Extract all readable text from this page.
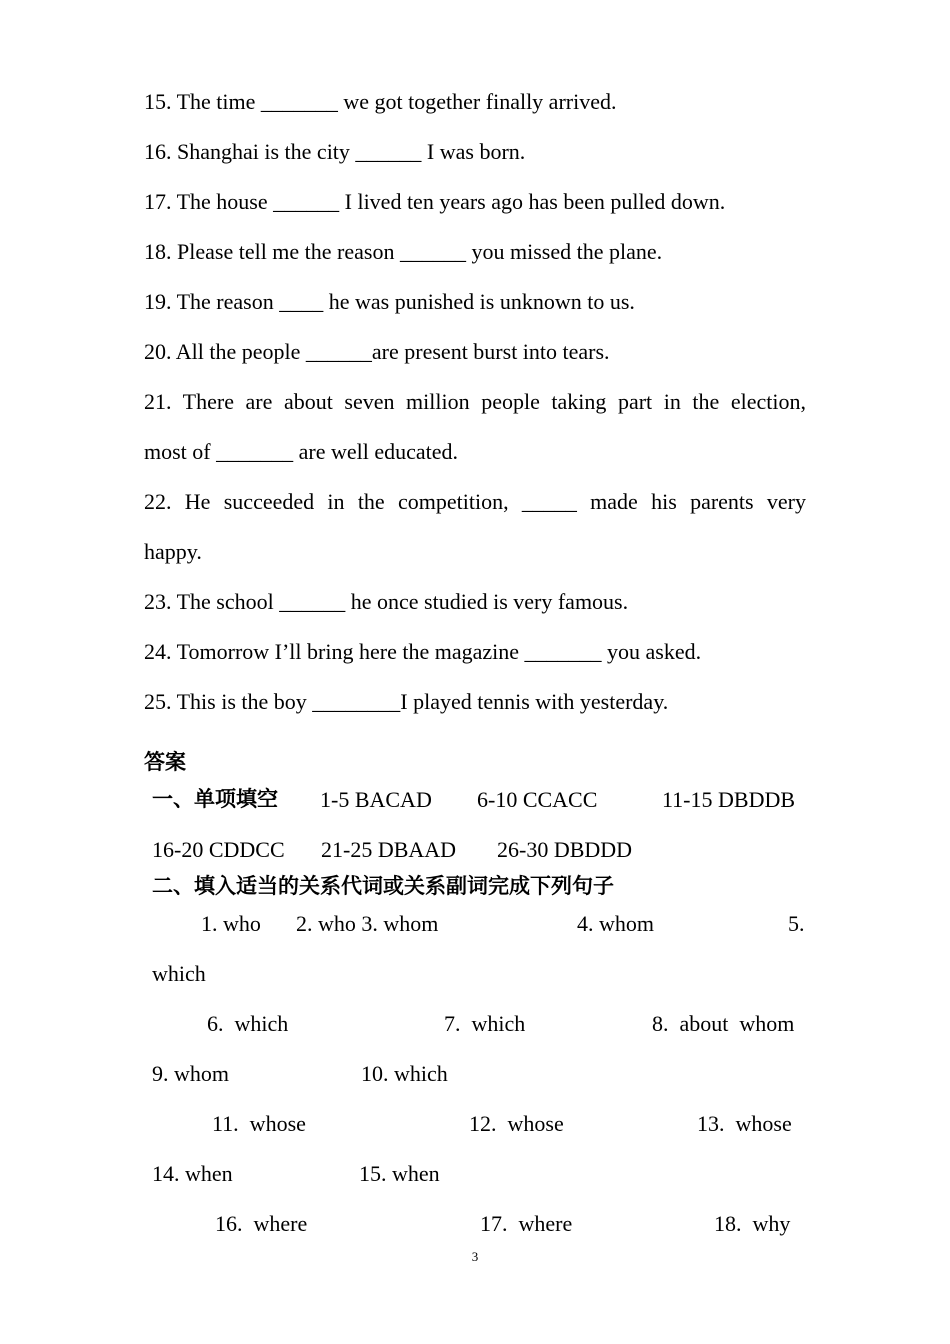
15. The time _______ we got together finally arrived.
16. Shanghai is the city ______ I was born.
17. The house ______ I lived ten years ago has been pulled down.
18. Please tell me the reason ______ you missed the plane.
19. The reason ____ he was punished is unknown to us.
20. All the people ______are present burst into tears.
21. There are about seven million people taking part in the election,
most of _______ are well educated.
22. He succeeded in the competition, _____ made his parents very
happy.
23. The school ______ he once studied is very famous.
24. Tomorrow I’ll bring here the magazine _______ you asked.
25. This is the boy ________I played tennis with yesterday.
答案
一、单项填空 1-5 BACAD 6-10 CCACC	11-15 DBDDB
16-20 CDDCC 21-25 DBAAD 26-30 DBDDD
二、填入适当的关系代词或关系副词完成下列句子
1. who 2. who 3. whom	4. whom	5.
which
6.  which	7.  which	8.  about  whom
9. whom	10. which
11.  whose	12.  whose	13.  whose
14. when	15. when
16.  where	17.  where	18.  why
3
